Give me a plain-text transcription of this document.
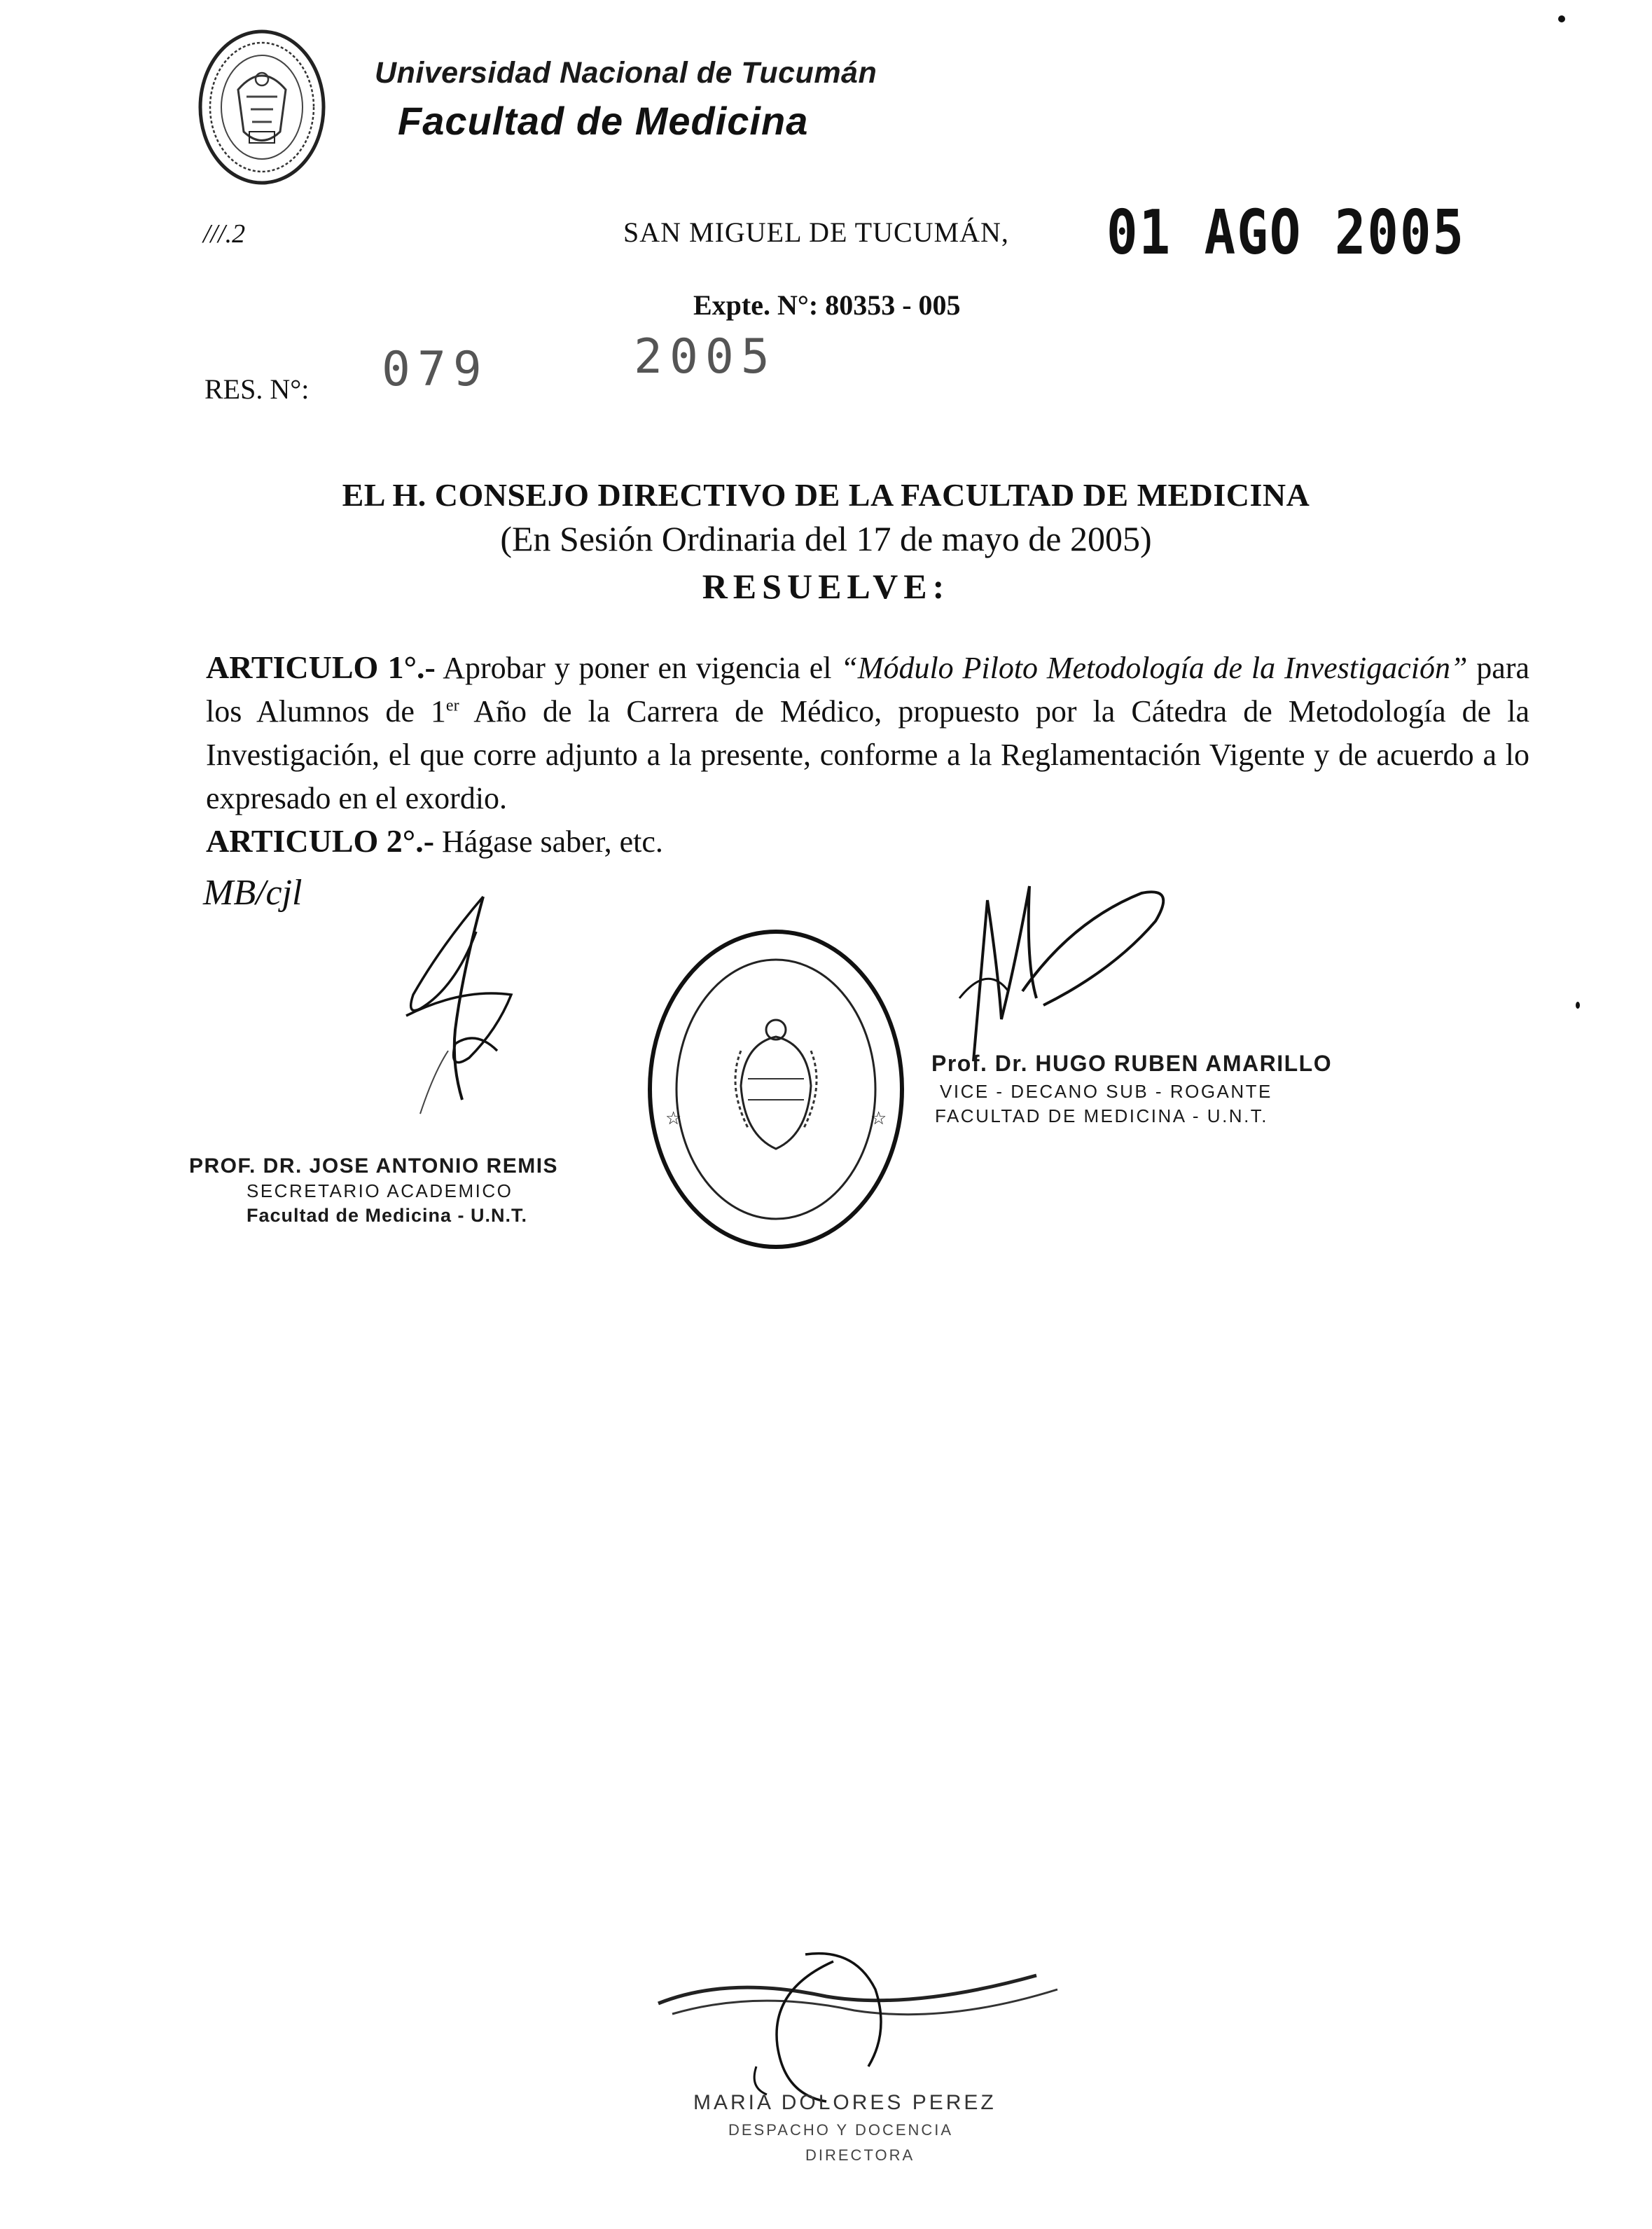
Universidad Nacional de Tucumán
Facultad de Medicina
///.2	SAN MIGUEL DE TUCUMÁN, 01 AGO 2005
Expte. N°: 80353 - 005
RES. N°: 079	2005
EL H. CONSEJO DIRECTIVO DE LA FACULTAD DE MEDICINA
(En Sesión Ordinaria del 17 de mayo de 2005)
RESUELVE:
ARTICULO 1°.- Aprobar y poner en vigencia el “Módulo Piloto Metodología de la Investigación” para los Alumnos de 1er Año de la Carrera de Médico, propuesto por la Cátedra de Metodología de la Investigación, el que corre adjunto a la presente, conforme a la Reglamentación Vigente y de acuerdo a lo expresado en el exordio.
ARTICULO 2°.- Hágase saber, etc.
MB/cjl
PROF. DR. JOSE ANTONIO REMIS
SECRETARIO ACADEMICO
Facultad de Medicina - U.N.T.
☆	☆
Prof. Dr. HUGO RUBEN AMARILLO
VICE - DECANO SUB - ROGANTE
FACULTAD DE MEDICINA - U.N.T.
MARIA DOLORES PEREZ
DESPACHO Y DOCENCIA
DIRECTORA
